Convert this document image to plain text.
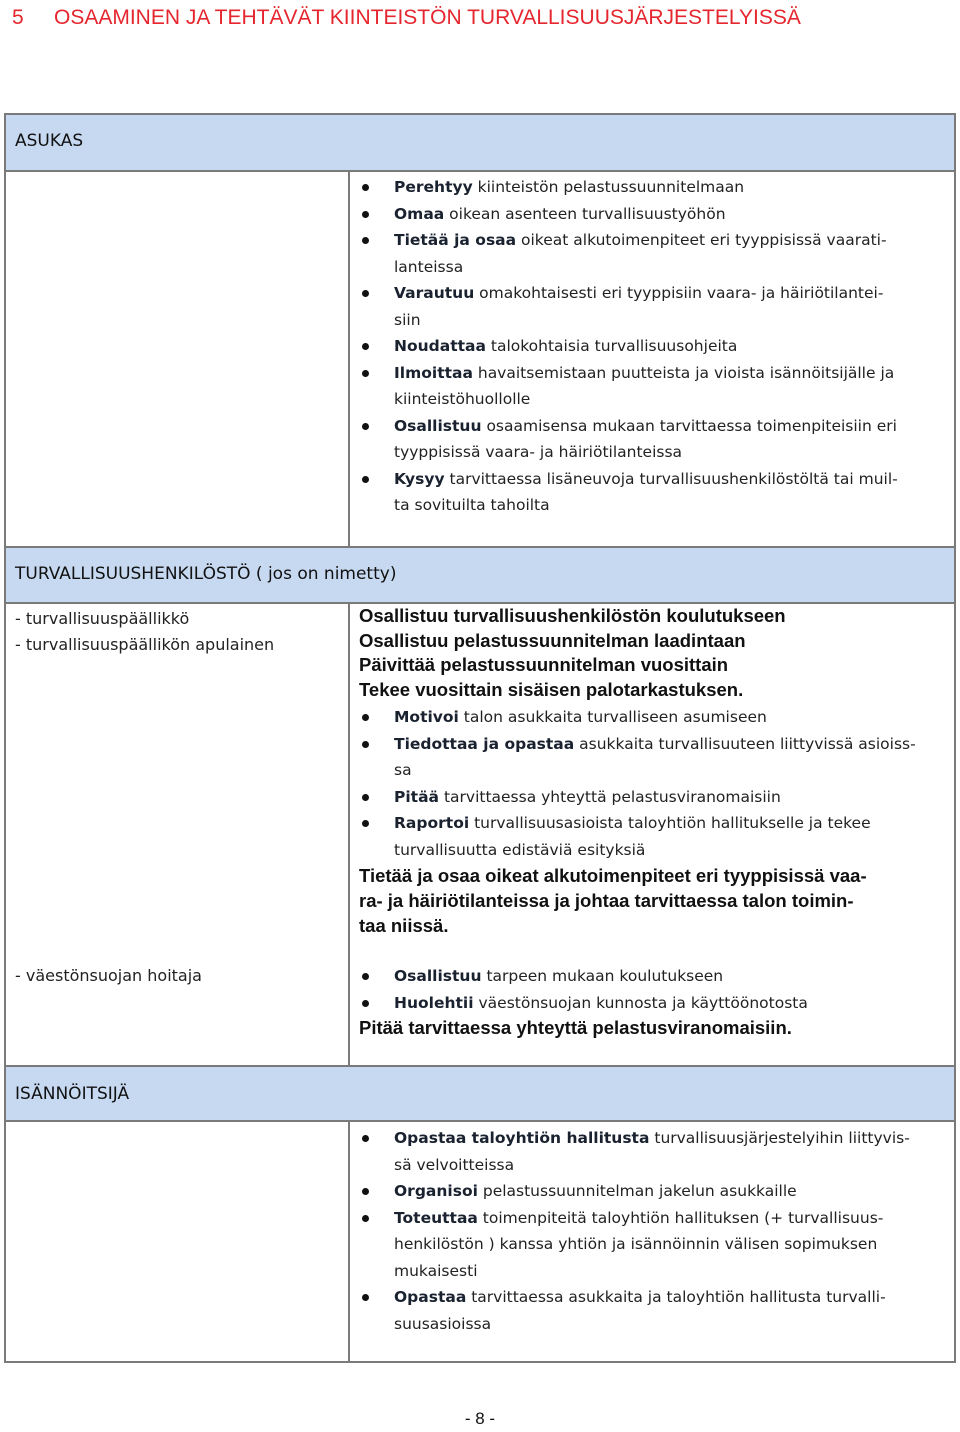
5 OSAAMINEN JA TEHTÄVÄT KIINTEISTÖN TURVALLISUUSJÄRJESTELYISSÄ
ASUKAS
Perehtyy kiinteistön pelastussuunnitelmaan
Omaa oikean asenteen turvallisuustyöhön
Tietää ja osaa oikeat alkutoimenpiteet eri tyyppisissä vaarati-
lanteissa
Varautuu omakohtaisesti eri tyyppisiin vaara- ja häiriötilantei-
siin
Noudattaa talokohtaisia turvallisuusohjeita
Ilmoittaa havaitsemistaan puutteista ja vioista isännöitsijälle ja
kiinteistöhuollolle
Osallistuu osaamisensa mukaan tarvittaessa toimenpiteisiin eri
tyyppisissä vaara- ja häiriötilanteissa
Kysyy tarvittaessa lisäneuvoja turvallisuushenkilöstöltä tai muil-
ta sovituilta tahoilta
TURVALLISUUSHENKILÖSTÖ ( jos on nimetty)
- turvallisuuspäällikkö
- turvallisuuspäällikön apulainen
Osallistuu turvallisuushenkilöstön koulutukseen
Osallistuu pelastussuunnitelman laadintaan
Päivittää pelastussuunnitelman vuosittain
Tekee vuosittain sisäisen palotarkastuksen.
Motivoi talon asukkaita turvalliseen asumiseen
Tiedottaa ja opastaa asukkaita turvallisuuteen liittyvissä asioiss-
sa
Pitää tarvittaessa yhteyttä pelastusviranomaisiin
Raportoi turvallisuusasioista taloyhtiön hallitukselle ja tekee
turvallisuutta edistäviä esityksiä
Tietää ja osaa oikeat alkutoimenpiteet eri tyyppisissä vaa-
ra- ja häiriötilanteissa ja johtaa tarvittaessa talon toimin-
taa niissä.
- väestönsuojan hoitaja	Osallistuu tarpeen mukaan koulutukseen
Huolehtii väestönsuojan kunnosta ja käyttöönotosta
Pitää tarvittaessa yhteyttä pelastusviranomaisiin.
ISÄNNÖITSIJÄ
Opastaa taloyhtiön hallitusta turvallisuusjärjestelyihin liittyvis-
sä velvoitteissa
Organisoi pelastussuunnitelman jakelun asukkaille
Toteuttaa toimenpiteitä taloyhtiön hallituksen (+ turvallisuus-
henkilöstön ) kanssa yhtiön ja isännöinnin välisen sopimuksen
mukaisesti
Opastaa tarvittaessa asukkaita ja taloyhtiön hallitusta turvalli-
suusasioissa
- 8 -
